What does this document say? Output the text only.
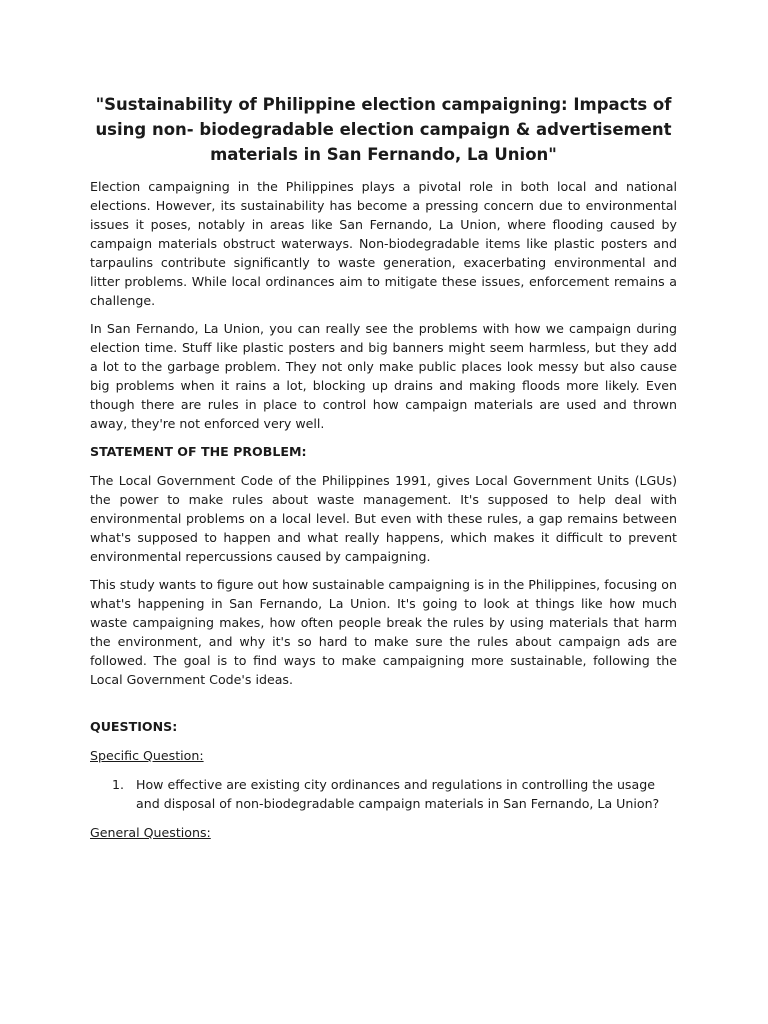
"Sustainability of Philippine election campaigning: Impacts of using non- biodegradable election campaign & advertisement materials in San Fernando, La Union"

Election campaigning in the Philippines plays a pivotal role in both local and national elections. However, its sustainability has become a pressing concern due to environmental issues it poses, notably in areas like San Fernando, La Union, where flooding caused by campaign materials obstruct waterways. Non-biodegradable items like plastic posters and tarpaulins contribute significantly to waste generation, exacerbating environmental and litter problems. While local ordinances aim to mitigate these issues, enforcement remains a challenge.

In San Fernando, La Union, you can really see the problems with how we campaign during election time. Stuff like plastic posters and big banners might seem harmless, but they add a lot to the garbage problem. They not only make public places look messy but also cause big problems when it rains a lot, blocking up drains and making floods more likely. Even though there are rules in place to control how campaign materials are used and thrown away, they're not enforced very well.

STATEMENT OF THE PROBLEM:

The Local Government Code of the Philippines 1991, gives Local Government Units (LGUs) the power to make rules about waste management. It's supposed to help deal with environmental problems on a local level. But even with these rules, a gap remains between what's supposed to happen and what really happens, which makes it difficult to prevent environmental repercussions caused by campaigning.

This study wants to figure out how sustainable campaigning is in the Philippines, focusing on what's happening in San Fernando, La Union. It's going to look at things like how much waste campaigning makes, how often people break the rules by using materials that harm the environment, and why it's so hard to make sure the rules about campaign ads are followed. The goal is to find ways to make campaigning more sustainable, following the Local Government Code's ideas.

QUESTIONS:
Specific Question:
1. How effective are existing city ordinances and regulations in controlling the usage and disposal of non-biodegradable campaign materials in San Fernando, La Union?
General Questions:
